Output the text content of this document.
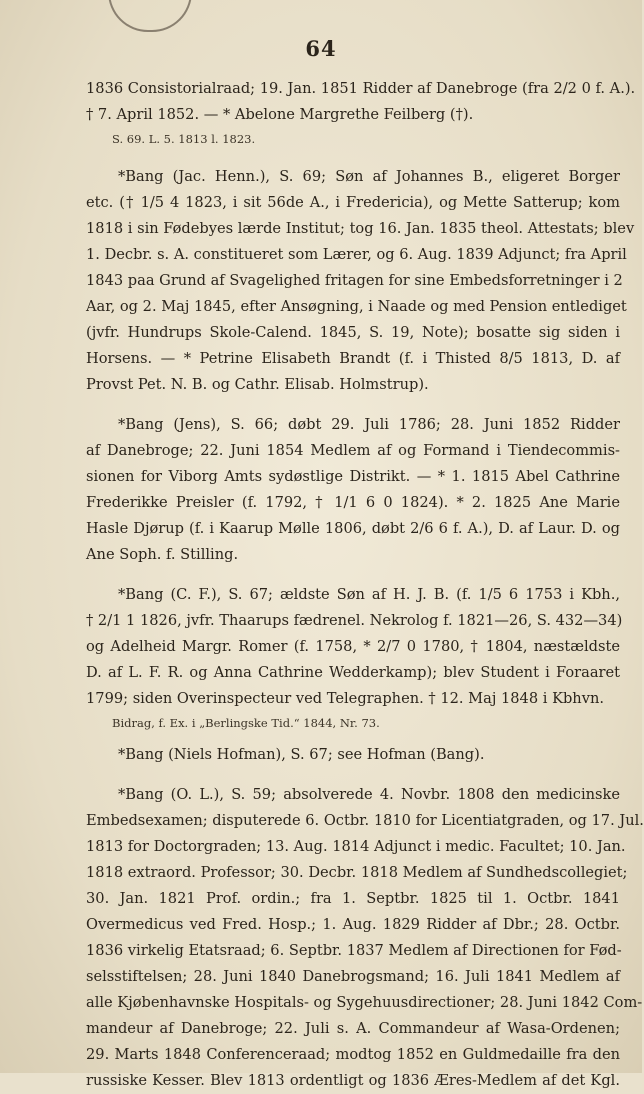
64
1836 Consistorialraad; 19. Jan. 1851 Ridder af Danebroge (fra 2/2 0 f. A.).
† 7. April 1852. — * Abelone Margrethe Feilberg (†).
S. 69. L. 5. 1813 l. 1823.
*Bang (Jac. Henn.), S. 69; Søn af Johannes B., eligeret Borger
etc. († 1/5 4 1823, i sit 56de A., i Fredericia), og Mette Satterup; kom
1818 i sin Fødebyes lærde Institut; tog 16. Jan. 1835 theol. Attestats; blev
1. Decbr. s. A. constitueret som Lærer, og 6. Aug. 1839 Adjunct; fra April
1843 paa Grund af Svagelighed fritagen for sine Embedsforretninger i 2
Aar, og 2. Maj 1845, efter Ansøgning, i Naade og med Pension entlediget
(jvfr. Hundrups Skole-Calend. 1845, S. 19, Note); bosatte sig siden i
Horsens. — * Petrine Elisabeth Brandt (f. i Thisted 8/5 1813, D. af
Provst Pet. N. B. og Cathr. Elisab. Holmstrup).
*Bang (Jens), S. 66; døbt 29. Juli 1786; 28. Juni 1852 Ridder
af Danebroge; 22. Juni 1854 Medlem af og Formand i Tiendecommis-
sionen for Viborg Amts sydøstlige Distrikt. — * 1. 1815 Abel Cathrine
Frederikke Preisler (f. 1792, † 1/1 6 0 1824). * 2. 1825 Ane Marie
Hasle Djørup (f. i Kaarup Mølle 1806, døbt 2/6 6 f. A.), D. af Laur. D. og
Ane Soph. f. Stilling.
*Bang (C. F.), S. 67; ældste Søn af H. J. B. (f. 1/5 6 1753 i Kbh.,
† 2/1 1 1826, jvfr. Thaarups fædrenel. Nekrolog f. 1821—26, S. 432—34)
og Adelheid Margr. Romer (f. 1758, * 2/7 0 1780, † 1804, næstældste
D. af L. F. R. og Anna Cathrine Wedderkamp); blev Student i Foraaret
1799; siden Overinspecteur ved Telegraphen. † 12. Maj 1848 i Kbhvn.
Bidrag, f. Ex. i „Berlingske Tid.“ 1844, Nr. 73.
*Bang (Niels Hofman), S. 67; see Hofman (Bang).
*Bang (O. L.), S. 59; absolverede 4. Novbr. 1808 den medicinske
Embedsexamen; disputerede 6. Octbr. 1810 for Licentiatgraden, og 17. Jul.
1813 for Doctorgraden; 13. Aug. 1814 Adjunct i medic. Facultet; 10. Jan.
1818 extraord. Professor; 30. Decbr. 1818 Medlem af Sundhedscollegiet;
30. Jan. 1821 Prof. ordin.; fra 1. Septbr. 1825 til 1. Octbr. 1841
Overmedicus ved Fred. Hosp.; 1. Aug. 1829 Ridder af Dbr.; 28. Octbr.
1836 virkelig Etatsraad; 6. Septbr. 1837 Medlem af Directionen for Fød-
selsstiftelsen; 28. Juni 1840 Danebrogsmand; 16. Juli 1841 Medlem af
alle Kjøbenhavnske Hospitals- og Sygehuusdirectioner; 28. Juni 1842 Com-
mandeur af Danebroge; 22. Juli s. A. Commandeur af Wasa-Ordenen;
29. Marts 1848 Conferenceraad; modtog 1852 en Guldmedaille fra den
russiske Kesser. Blev 1813 ordentligt og 1836 Æres-Medlem af det Kgl.
